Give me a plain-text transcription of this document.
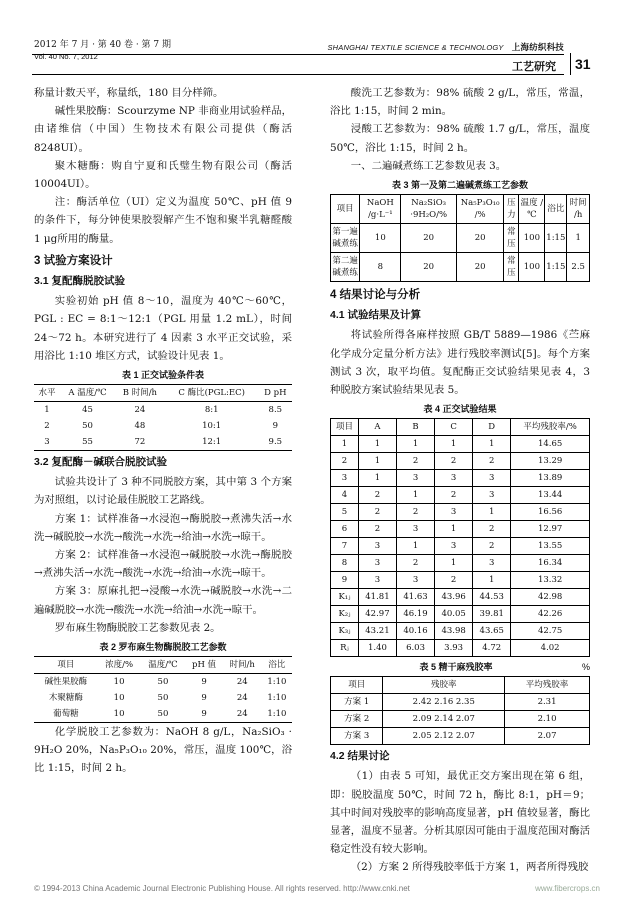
2012 年 7 月 · 第 40 卷 · 第 7 期
Vol. 40 No. 7, 2012
SHANGHAI TEXTILE SCIENCE & TECHNOLOGY 上海纺织科技
工艺研究	31

称量计数天平，称量纸，180 目分样筛。

碱性果胶酶：Scourzyme NP 非商业用试验样品，由诸维信（中国）生物技术有限公司提供（酶活8248UI）。

聚木糖酶：购自宁夏和氏璧生物有限公司（酶活10004UI）。

注：酶活单位（UI）定义为温度 50℃、pH 值 9 的条件下，每分钟使果胶裂解产生不饱和聚半乳糖醛酸 1 μg所用的酶量。

3 试验方案设计
3.1 复配酶脱胶试验

实验初始 pH 值 8～10，温度为 40℃～60℃，PGL : EC = 8:1～12:1（PGL 用量 1.2 mL），时间 24～72 h。本研究进行了 4 因素 3 水平正交试验，采用浴比 1:10 堆区方式，试验设计见表 1。

表 1 正交试验条件表
水平	A 温度/℃	B 时间/h	C 酶比(PGL:EC)	D pH
1	45	24	8:1	8.5
2	50	48	10:1	9
3	55	72	12:1	9.5
3.2 复配酶－碱联合脱胶试验

试验共设计了 3 种不同脱胶方案，其中第 3 个方案为对照组，以讨论最佳脱胶工艺路线。

方案 1：试样准备→水浸泡→酶脱胶→煮沸失活→水洗→碱脱胶→水洗→酸洗→水洗→给油→水洗→晾干。

方案 2：试样准备→水浸泡→碱脱胶→水洗→酶脱胶→煮沸失活→水洗→酸洗→水洗→给油→水洗→晾干。

方案 3：原麻扎把→浸酸→水洗→碱脱胶→水洗→二遍碱脱胶→水洗→酸洗→水洗→给油→水洗→晾干。

罗布麻生物酶脱胶工艺参数见表 2。

表 2 罗布麻生物酶脱胶工艺参数
项目	浓度/%	温度/℃	pH 值	时间/h	浴比
碱性果胶酶	10	50	9	24	1:10
木聚糖酶	10	50	9	24	1:10
葡萄糖	10	50	9	24	1:10

化学脱胶工艺参数为：NaOH 8 g/L，Na₂SiO₃ · 9H₂O 20%，Na₅P₃O₁₀ 20%，常压，温度 100℃，浴比 1:15，时间 2 h。

酸洗工艺参数为：98% 硫酸 2 g/L，常压，常温，浴比 1:15，时间 2 min。

浸酸工艺参数为：98% 硫酸 1.7 g/L，常压，温度 50℃，浴比 1:15，时间 2 h。

一、二遍碱煮练工艺参数见表 3。

表 3 第一及第二遍碱煮练工艺参数
项目	NaOH /g·L⁻¹	Na₂SiO₃ ·9H₂O/%	Na₅P₃O₁₀ /%	压力	温度 /℃	浴比	时间 /h
第一遍碱煮练	10	20	20	常压	100	1:15	1
第二遍碱煮练	8	20	20	常压	100	1:15	2.5
4 结果讨论与分析
4.1 试验结果及计算

将试验所得各麻样按照 GB/T 5889—1986《苎麻化学成分定量分析方法》进行残胶率测试[5]。每个方案测试 3 次，取平均值。复配酶正交试验结果见表 4，3 种脱胶方案试验结果见表 5。

表 4 正交试验结果
项目	A	B	C	D	平均残胶率/%
1	1	1	1	1	14.65
2	1	2	2	2	13.29
3	1	3	3	3	13.89
4	2	1	2	3	13.44
5	2	2	3	1	16.56
6	2	3	1	2	12.97
7	3	1	3	2	13.55
8	3	2	1	3	16.34
9	3	3	2	1	13.32
K₁ⱼ	41.81	41.63	43.96	44.53	42.98
K₂ⱼ	42.97	46.19	40.05	39.81	42.26
K₃ⱼ	43.21	40.16	43.98	43.65	42.75
Rⱼ	1.40	6.03	3.93	4.72	4.02
表 5 精干麻残胶率	%
项目	残胶率	平均残胶率
方案 1	2.42 2.16 2.35	2.31
方案 2	2.09 2.14 2.07	2.10
方案 3	2.05 2.12 2.07	2.07
4.2 结果讨论

（1）由表 5 可知，最优正交方案出现在第 6 组，即：脱胶温度 50℃，时间 72 h，酶比 8:1，pH＝9；其中时间对残胶率的影响高度显著，pH 值较显著，酶比显著，温度不显著。分析其原因可能由于温度范围对酶活稳定性没有较大影响。

（2）方案 2 所得残胶率低于方案 1，两者所得残胶

© 1994-2013 China Academic Journal Electronic Publishing House. All rights reserved. http://www.cnki.net	www.fibercrops.cn
